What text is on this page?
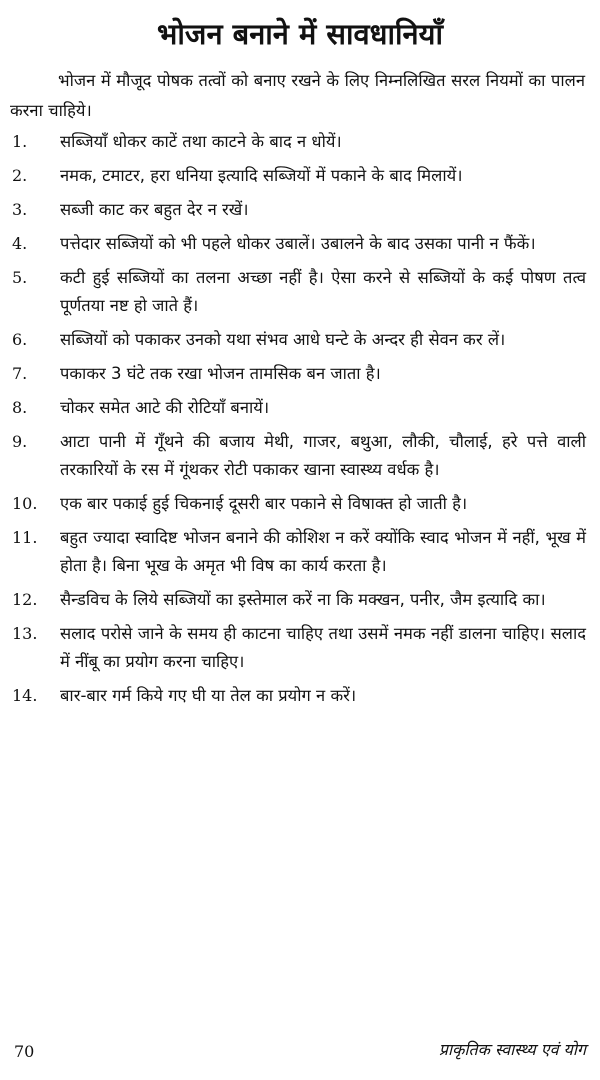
भोजन बनाने में सावधानियाँ

भोजन में मौजूद पोषक तत्वों को बनाए रखने के लिए निम्नलिखित सरल नियमों का पालन करना चाहिये।

1.	सब्जियाँ धोकर काटें तथा काटने के बाद न धोयें।
2.	नमक, टमाटर, हरा धनिया इत्यादि सब्जियों में पकाने के बाद मिलायें।
3.	सब्जी काट कर बहुत देर न रखें।
4.	पत्तेदार सब्जियों को भी पहले धोकर उबालें। उबालने के बाद उसका पानी न फैंकें।
5.	कटी हुई सब्जियों का तलना अच्छा नहीं है। ऐसा करने से सब्जियों के कई पोषण तत्व पूर्णतया नष्ट हो जाते हैं।
6.	सब्जियों को पकाकर उनको यथा संभव आधे घन्टे के अन्दर ही सेवन कर लें।
7.	पकाकर 3 घंटे तक रखा भोजन तामसिक बन जाता है।
8.	चोकर समेत आटे की रोटियाँ बनायें।
9.	आटा पानी में गूँथने की बजाय मेथी, गाजर, बथुआ, लौकी, चौलाई, हरे पत्ते वाली तरकारियों के रस में गूंथकर रोटी पकाकर खाना स्वास्थ्य वर्धक है।
10.	एक बार पकाई हुई चिकनाई दूसरी बार पकाने से विषाक्त हो जाती है।
11.	बहुत ज्यादा स्वादिष्ट भोजन बनाने की कोशिश न करें क्योंकि स्वाद भोजन में नहीं, भूख में होता है। बिना भूख के अमृत भी विष का कार्य करता है।
12.	सैन्डविच के लिये सब्जियों का इस्तेमाल करें ना कि मक्खन, पनीर, जैम इत्यादि का।
13.	सलाद परोसे जाने के समय ही काटना चाहिए तथा उसमें नमक नहीं डालना चाहिए। सलाद में नींबू का प्रयोग करना चाहिए।
14.	बार-बार गर्म किये गए घी या तेल का प्रयोग न करें।
70	प्राकृतिक स्वास्थ्य एवं योग
